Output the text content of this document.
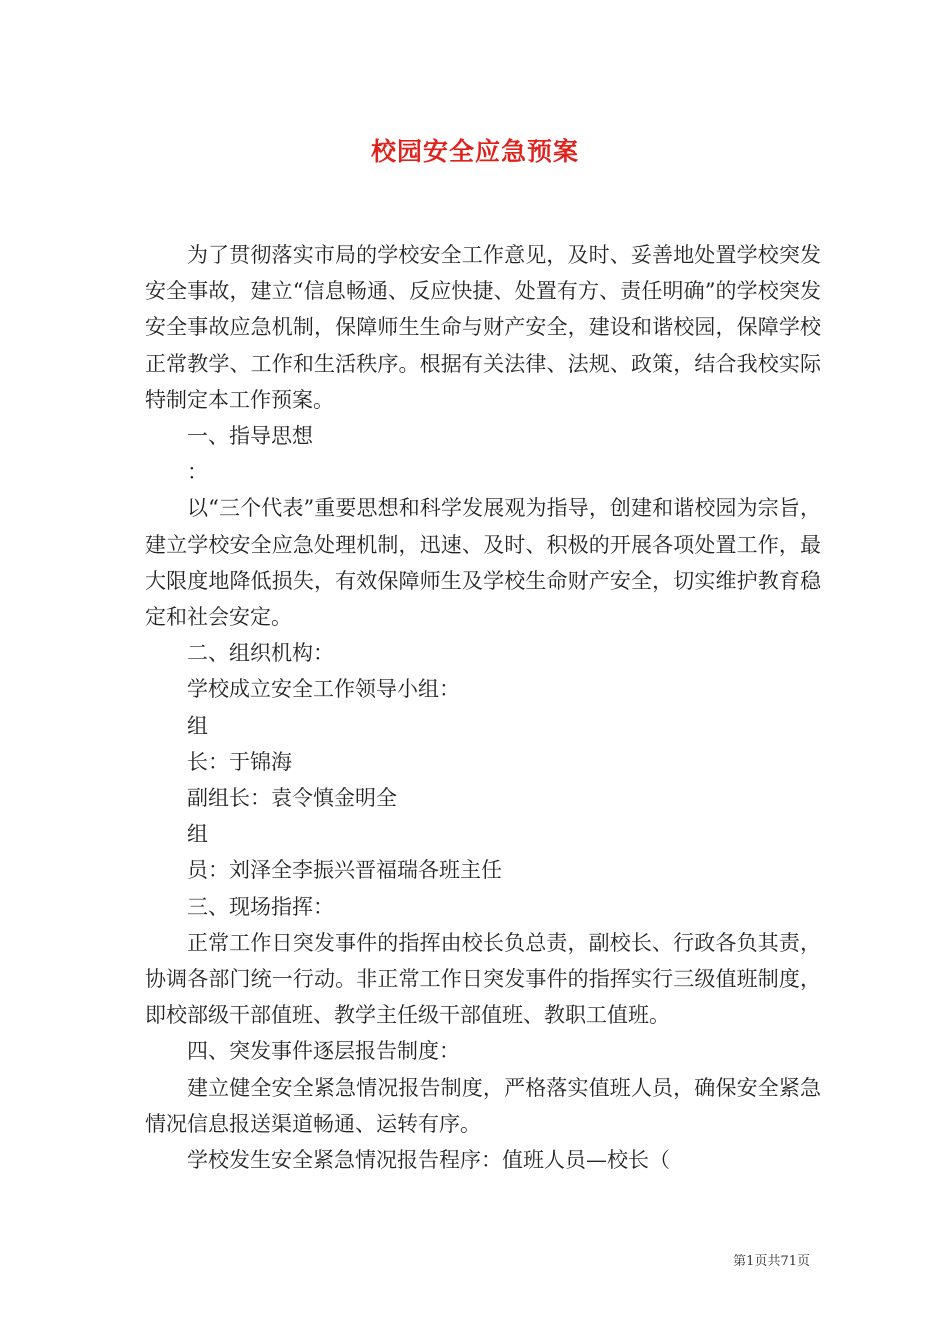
校园安全应急预案

为了贯彻落实市局的学校安全工作意见，及时、妥善地处置学校突发安全事故，建立“信息畅通、反应快捷、处置有方、责任明确”的学校突发安全事故应急机制，保障师生生命与财产安全，建设和谐校园，保障学校正常教学、工作和生活秩序。根据有关法律、法规、政策，结合我校实际特制定本工作预案。

一、指导思想

：

以“三个代表”重要思想和科学发展观为指导，创建和谐校园为宗旨，建立学校安全应急处理机制，迅速、及时、积极的开展各项处置工作，最大限度地降低损失，有效保障师生及学校生命财产安全，切实维护教育稳定和社会安定。

二、组织机构：

学校成立安全工作领导小组：

组

长：于锦海

副组长：袁令慎金明全

组

员：刘泽全李振兴晋福瑞各班主任

三、现场指挥：

正常工作日突发事件的指挥由校长负总责，副校长、行政各负其责，协调各部门统一行动。非正常工作日突发事件的指挥实行三级值班制度，即校部级干部值班、教学主任级干部值班、教职工值班。

四、突发事件逐层报告制度：

建立健全安全紧急情况报告制度，严格落实值班人员，确保安全紧急情况信息报送渠道畅通、运转有序。

学校发生安全紧急情况报告程序：值班人员—校长（

第1页共71页
